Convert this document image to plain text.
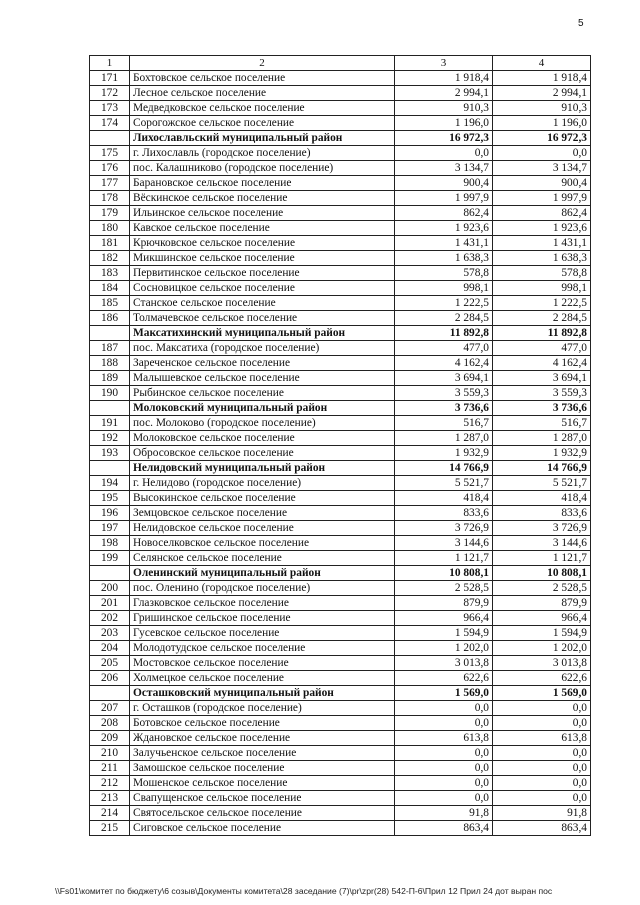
5
1	2	3	4
171	Бохтовское сельское поселение	1 918,4	1 918,4
172	Лесное сельское поселение	2 994,1	2 994,1
173	Медведковское сельское поселение	910,3	910,3
174	Сорогожское сельское поселение	1 196,0	1 196,0
	Лихославльский муниципальный район	16 972,3	16 972,3
175	г. Лихославль (городское поселение)	0,0	0,0
176	пос. Калашниково (городское поселение)	3 134,7	3 134,7
177	Барановское сельское поселение	900,4	900,4
178	Вёскинское сельское поселение	1 997,9	1 997,9
179	Ильинское сельское поселение	862,4	862,4
180	Кавское сельское поселение	1 923,6	1 923,6
181	Крючковское сельское поселение	1 431,1	1 431,1
182	Микшинское сельское поселение	1 638,3	1 638,3
183	Первитинское сельское поселение	578,8	578,8
184	Сосновицкое сельское поселение	998,1	998,1
185	Станское сельское поселение	1 222,5	1 222,5
186	Толмачевское сельское поселение	2 284,5	2 284,5
	Максатихинский муниципальный район	11 892,8	11 892,8
187	пос. Максатиха (городское поселение)	477,0	477,0
188	Зареченское сельское поселение	4 162,4	4 162,4
189	Малышевское сельское поселение	3 694,1	3 694,1
190	Рыбинское сельское поселение	3 559,3	3 559,3
	Молоковский муниципальный район	3 736,6	3 736,6
191	пос. Молоково (городское поселение)	516,7	516,7
192	Молоковское сельское поселение	1 287,0	1 287,0
193	Обросовское сельское поселение	1 932,9	1 932,9
	Нелидовский муниципальный район	14 766,9	14 766,9
194	г. Нелидово (городское поселение)	5 521,7	5 521,7
195	Высокинское сельское поселение	418,4	418,4
196	Земцовское сельское поселение	833,6	833,6
197	Нелидовское сельское поселение	3 726,9	3 726,9
198	Новоселковское сельское поселение	3 144,6	3 144,6
199	Селянское сельское поселение	1 121,7	1 121,7
	Оленинский муниципальный район	10 808,1	10 808,1
200	пос. Оленино (городское поселение)	2 528,5	2 528,5
201	Глазковское сельское поселение	879,9	879,9
202	Гришинское сельское поселение	966,4	966,4
203	Гусевское сельское поселение	1 594,9	1 594,9
204	Молодотудское сельское поселение	1 202,0	1 202,0
205	Мостовское сельское поселение	3 013,8	3 013,8
206	Холмецкое сельское поселение	622,6	622,6
	Осташковский муниципальный район	1 569,0	1 569,0
207	г. Осташков (городское поселение)	0,0	0,0
208	Ботовское сельское поселение	0,0	0,0
209	Ждановское сельское поселение	613,8	613,8
210	Залучьенское сельское поселение	0,0	0,0
211	Замошское сельское поселение	0,0	0,0
212	Мошенское сельское поселение	0,0	0,0
213	Свапущенское сельское поселение	0,0	0,0
214	Святосельское сельское поселение	91,8	91,8
215	Сиговское сельское поселение	863,4	863,4
\\Fs01\комитет по бюджету\6 созыв\Документы комитета\28 заседание (7)\pr\zpr(28) 542-П-6\Прил 12 Прил 24 дот выран пос
